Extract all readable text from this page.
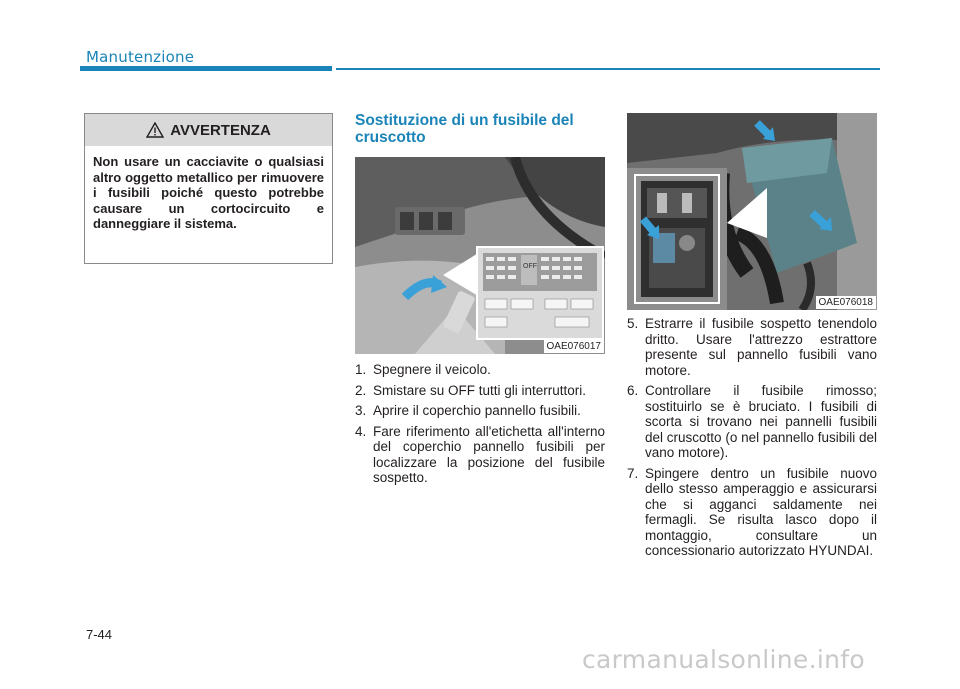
Manutenzione
AVVERTENZA

Non usare un cacciavite o qualsiasi altro oggetto metallico per rimuovere i fusibili poiché questo potrebbe causare un cortocircuito e danneggiare il sistema.

Sostituzione di un fusibile del cruscotto
OFF
OAE076017
OAE076018
1. Spegnere il veicolo.
2. Smistare su OFF tutti gli interruttori.
3. Aprire il coperchio pannello fusibili.
4. Fare riferimento all'etichetta all'interno del coperchio pannello fusibili per localizzare la posizione del fusibile sospetto.
5. Estrarre il fusibile sospetto tenendolo dritto. Usare l'attrezzo estrattore presente sul pannello fusibili vano motore.
6. Controllare il fusibile rimosso; sostituirlo se è bruciato. I fusibili di scorta si trovano nei pannelli fusibili del cruscotto (o nel pannello fusibili del vano motore).
7. Spingere dentro un fusibile nuovo dello stesso amperaggio e assicurarsi che si agganci saldamente nei fermagli. Se risulta lasco dopo il montaggio, consultare un concessionario autorizzato HYUNDAI.
7-44
carmanualsonline.info
